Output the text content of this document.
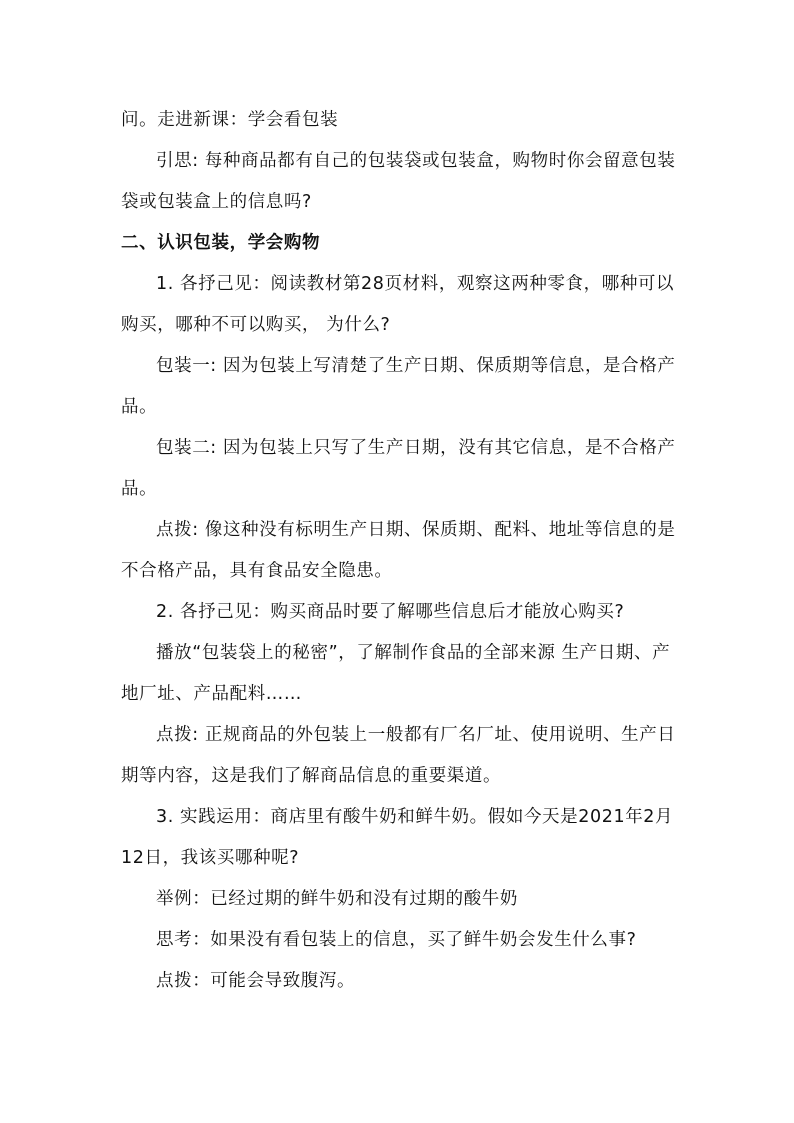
问。走进新课：学会看包装

引思: 每种商品都有自己的包装袋或包装盒，购物时你会留意包装袋或包装盒上的信息吗?

二、认识包装，学会购物

1. 各抒己见：阅读教材第28页材料，观察这两种零食，哪种可以购买，哪种不可以购买， 为什么?

包装一: 因为包装上写清楚了生产日期、保质期等信息，是合格产品。

包装二: 因为包装上只写了生产日期，没有其它信息，是不合格产品。

点拨: 像这种没有标明生产日期、保质期、配料、地址等信息的是不合格产品，具有食品安全隐患。

2. 各抒己见：购买商品时要了解哪些信息后才能放心购买?

播放“包装袋上的秘密”，了解制作食品的全部来源 生产日期、产地厂址、产品配料……

点拨: 正规商品的外包装上一般都有厂名厂址、使用说明、生产日期等内容，这是我们了解商品信息的重要渠道。

3. 实践运用：商店里有酸牛奶和鲜牛奶。假如今天是2021年2月12日，我该买哪种呢?

举例：已经过期的鲜牛奶和没有过期的酸牛奶

思考：如果没有看包装上的信息，买了鲜牛奶会发生什么事?

点拨：可能会导致腹泻。
